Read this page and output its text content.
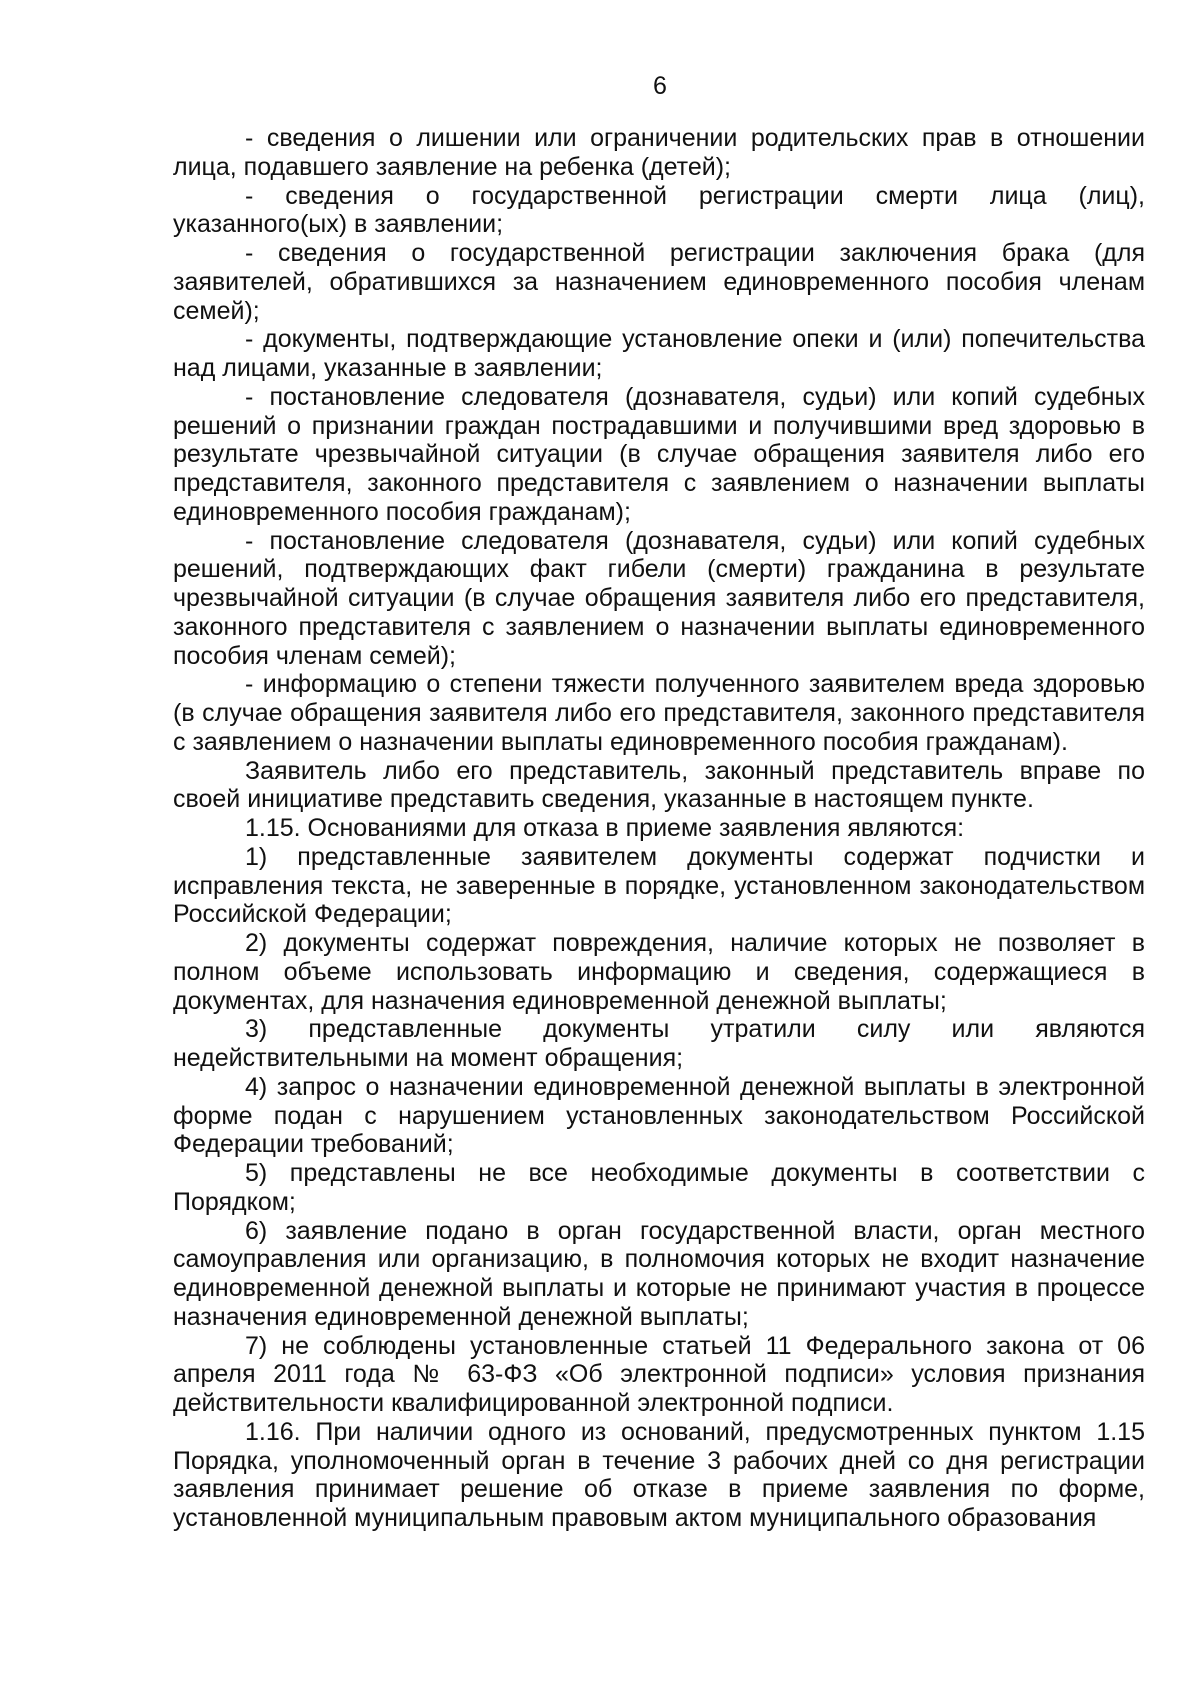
6

- сведения о лишении или ограничении родительских прав в отношении лица, подавшего заявление на ребенка (детей);

- сведения о государственной регистрации смерти лица (лиц), указанного(ых) в заявлении;

- сведения о государственной регистрации заключения брака (для заявителей, обратившихся за назначением единовременного пособия членам семей);

- документы, подтверждающие установление опеки и (или) попечительства над лицами, указанные в заявлении;

- постановление следователя (дознавателя, судьи) или копий судебных решений о признании граждан пострадавшими и получившими вред здоровью в результате чрезвычайной ситуации (в случае обращения заявителя либо его представителя, законного представителя с заявлением о назначении выплаты единовременного пособия гражданам);

- постановление следователя (дознавателя, судьи) или копий судебных решений, подтверждающих факт гибели (смерти) гражданина в результате чрезвычайной ситуации (в случае обращения заявителя либо его представителя, законного представителя с заявлением о назначении выплаты единовременного пособия членам семей);

- информацию о степени тяжести полученного заявителем вреда здоровью (в случае обращения заявителя либо его представителя, законного представителя с заявлением о назначении выплаты единовременного пособия гражданам).

Заявитель либо его представитель, законный представитель вправе по своей инициативе представить сведения, указанные в настоящем пункте.

1.15. Основаниями для отказа в приеме заявления являются:

1) представленные заявителем документы содержат подчистки и исправления текста, не заверенные в порядке, установленном законодательством Российской Федерации;

2) документы содержат повреждения, наличие которых не позволяет в полном объеме использовать информацию и сведения, содержащиеся в документах, для назначения единовременной денежной выплаты;

3) представленные документы утратили силу или являются недействительными на момент обращения;

4) запрос о назначении единовременной денежной выплаты в электронной форме подан с нарушением установленных законодательством Российской Федерации требований;

5) представлены не все необходимые документы в соответствии с Порядком;

6) заявление подано в орган государственной власти, орган местного самоуправления или организацию, в полномочия которых не входит назначение единовременной денежной выплаты и которые не принимают участия в процессе назначения единовременной денежной выплаты;

7) не соблюдены установленные статьей 11 Федерального закона от 06 апреля 2011 года № 63-ФЗ «Об электронной подписи» условия признания действительности квалифицированной электронной подписи.

1.16. При наличии одного из оснований, предусмотренных пунктом 1.15 Порядка, уполномоченный орган в течение 3 рабочих дней со дня регистрации заявления принимает решение об отказе в приеме заявления по форме, установленной муниципальным правовым актом муниципального образования
